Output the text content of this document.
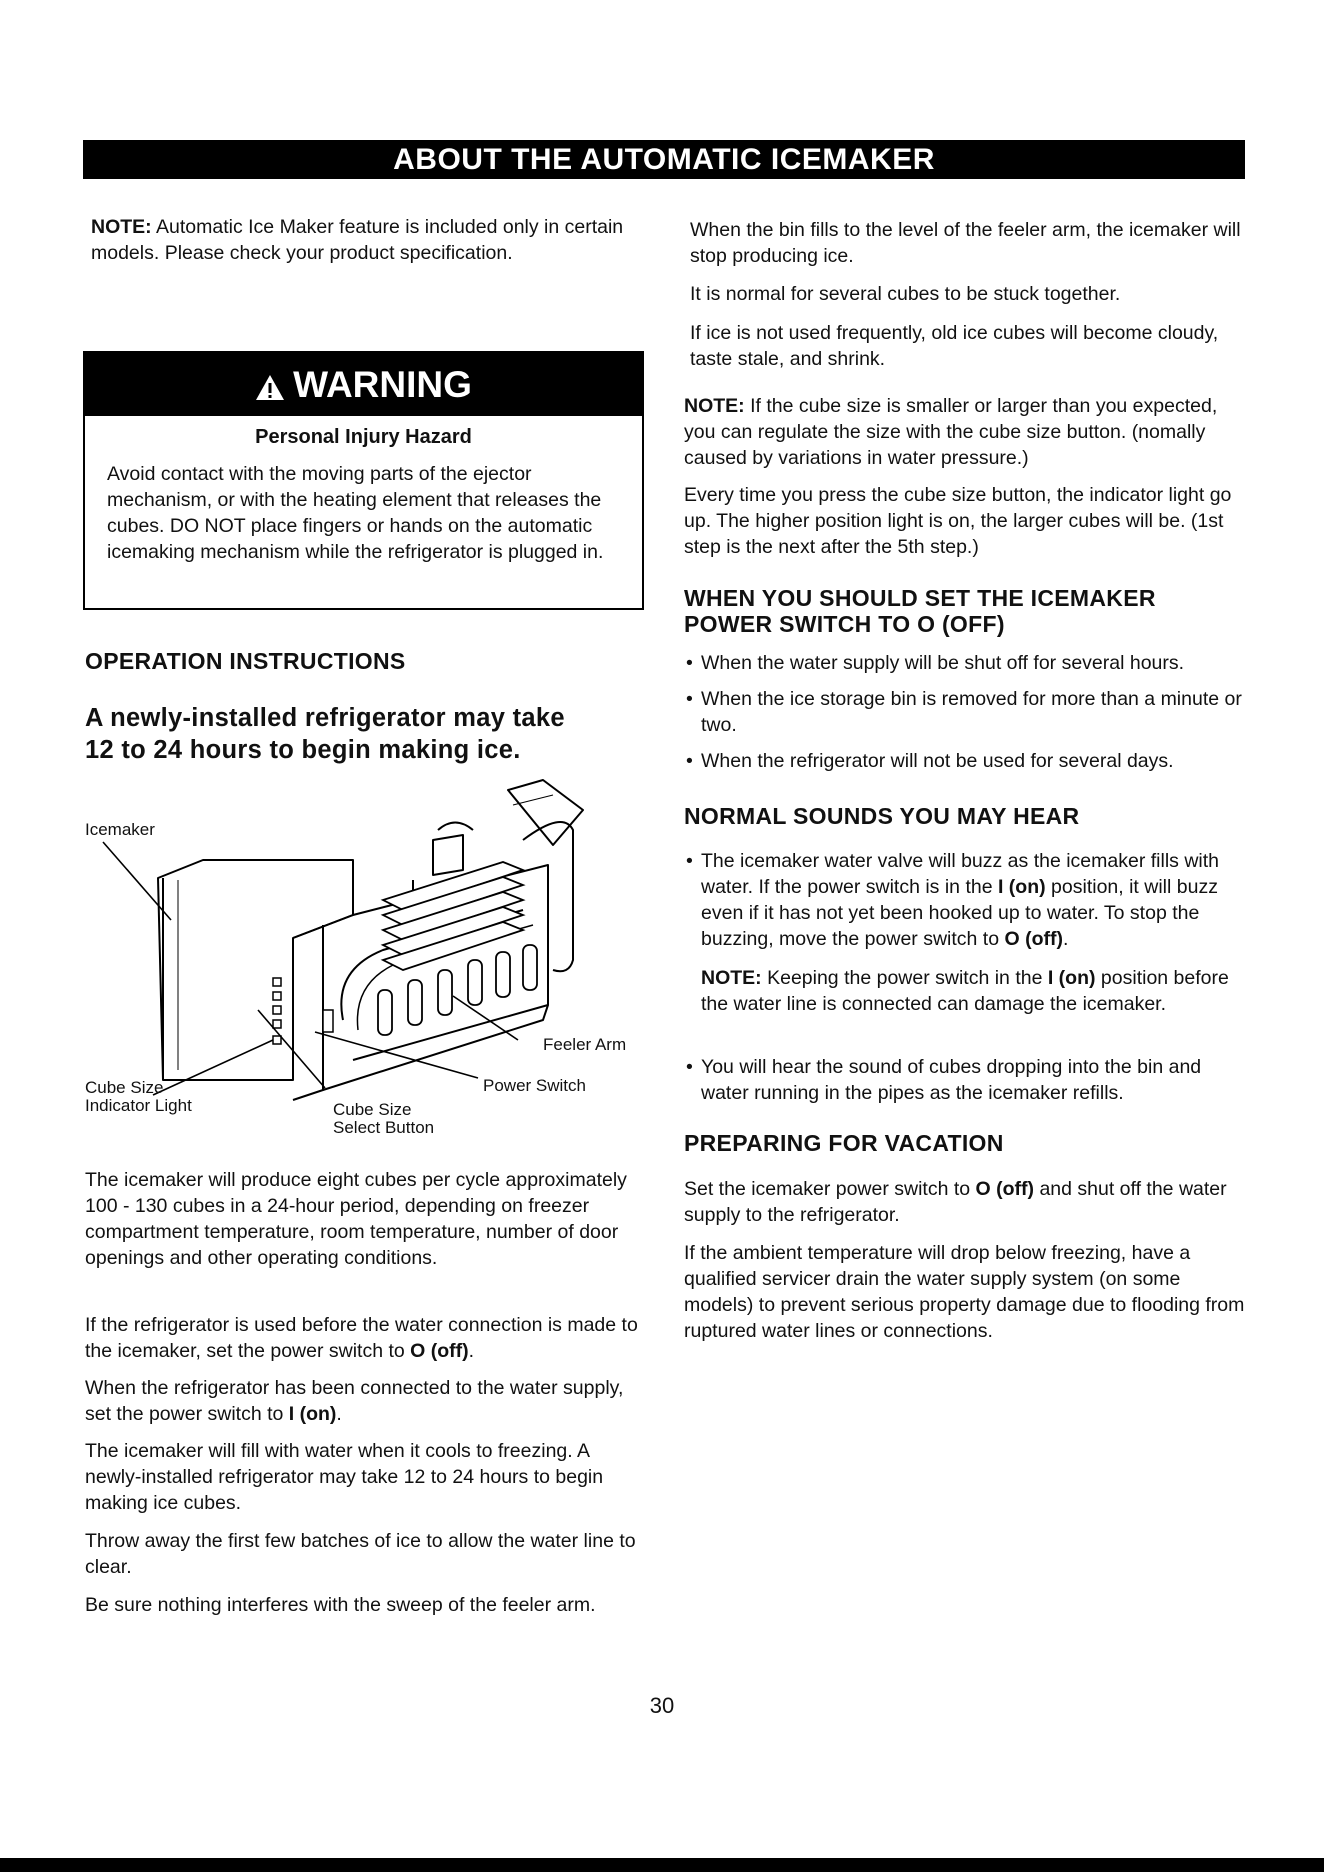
ABOUT THE AUTOMATIC ICEMAKER

NOTE: Automatic Ice Maker feature is included only in certain models. Please check your product specification.

WARNING
Personal Injury Hazard
Avoid contact with the moving parts of the ejector mechanism, or with the heating element that releases the cubes. DO NOT place fingers or hands on the automatic icemaking mechanism while the refrigerator is plugged in.
OPERATION INSTRUCTIONS
A newly-installed refrigerator may take
12 to 24 hours to begin making ice.
Icemaker
Feeler Arm
Power Switch
Cube Size
Indicator Light	Cube Size
Select Button

The icemaker will produce eight cubes per cycle approximately 100 - 130 cubes in a 24-hour period, depending on freezer compartment temperature, room temperature, number of door openings and other operating conditions.

If the refrigerator is used before the water connection is made to the icemaker, set the power switch to O (off).

When the refrigerator has been connected to the water supply, set the power switch to I (on).

The icemaker will fill with water when it cools to freezing. A newly-installed refrigerator may take 12 to 24 hours to begin making ice cubes.

Throw away the first few batches of ice to allow the water line to clear.

Be sure nothing interferes with the sweep of the feeler arm.

When the bin fills to the level of the feeler arm, the icemaker will stop producing ice.

It is normal for several cubes to be stuck together.

If ice is not used frequently, old ice cubes will become cloudy, taste stale, and shrink.

NOTE: If the cube size is smaller or larger than you expected, you can regulate the size with the cube size button. (nomally caused by variations in water pressure.)

Every time you press the cube size button, the indicator light go up. The higher position light is on, the larger cubes will be. (1st step is the next after the 5th step.)

WHEN YOU SHOULD SET THE ICEMAKER
POWER SWITCH TO O (OFF)
• When the water supply will be shut off for several hours.
• When the ice storage bin is removed for more than a minute or two.
• When the refrigerator will not be used for several days.
NORMAL SOUNDS YOU MAY HEAR
• The icemaker water valve will buzz as the icemaker fills with water. If the power switch is in the I (on) position, it will buzz even if it has not yet been hooked up to water. To stop the buzzing, move the power switch to O (off).

NOTE: Keeping the power switch in the I (on) position before the water line is connected can damage the icemaker.

• You will hear the sound of cubes dropping into the bin and water running in the pipes as the icemaker refills.
PREPARING FOR VACATION

Set the icemaker power switch to O (off) and shut off the water supply to the refrigerator.

If the ambient temperature will drop below freezing, have a qualified servicer drain the water supply system (on some models) to prevent serious property damage due to flooding from ruptured water lines or connections.

30
